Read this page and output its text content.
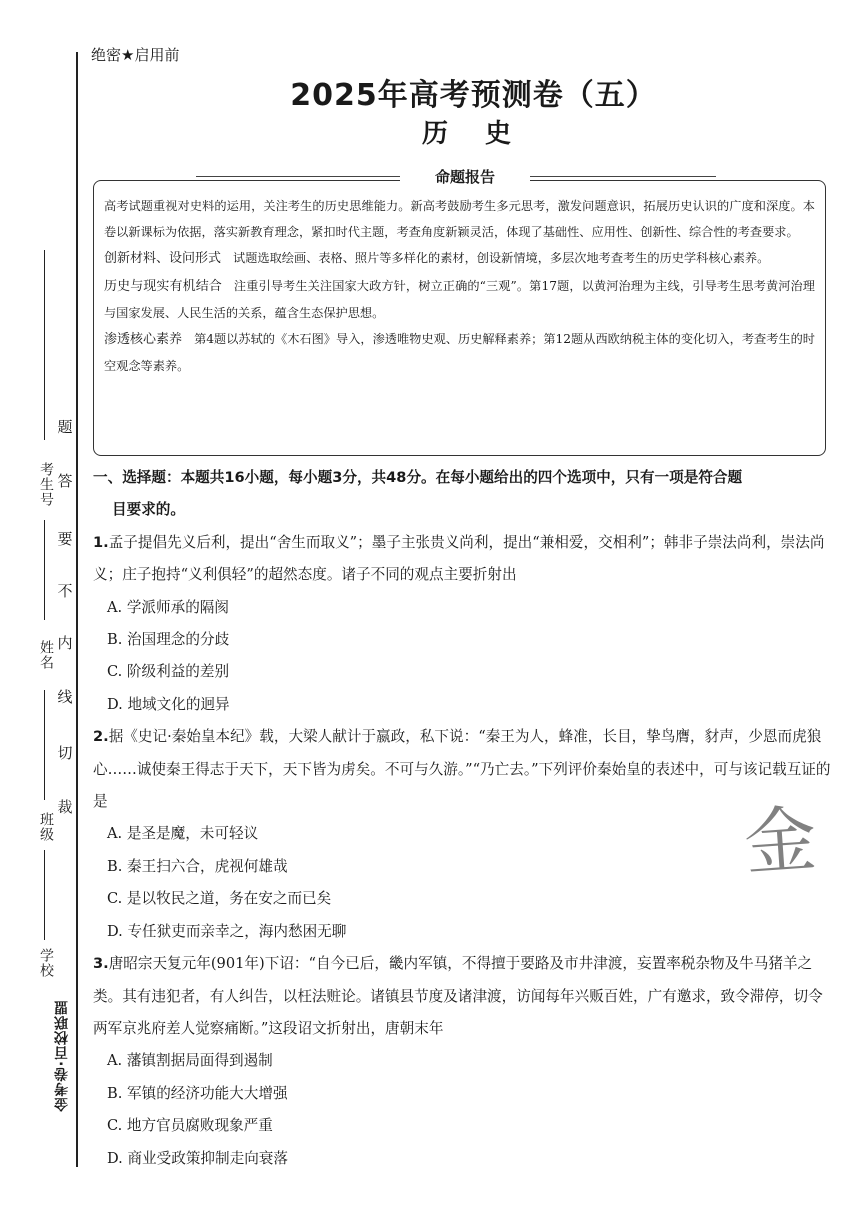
考生号
姓名
班级
学校
题
答
要
不
内
线
切
裁
金考卷·百校联盟
绝密★启用前
2025年高考预测卷（五）
历 史
命题报告

高考试题重视对史料的运用，关注考生的历史思维能力。新高考鼓励考生多元思考，激发问题意识，拓展历史认识的广度和深度。本卷以新课标为依据，落实新教育理念，紧扣时代主题，考查角度新颖灵活，体现了基础性、应用性、创新性、综合性的考查要求。

创新材料、设问形式 试题选取绘画、表格、照片等多样化的素材，创设新情境，多层次地考查考生的历史学科核心素养。

历史与现实有机结合 注重引导考生关注国家大政方针，树立正确的“三观”。第17题，以黄河治理为主线，引导考生思考黄河治理与国家发展、人民生活的关系，蕴含生态保护思想。

渗透核心素养 第4题以苏轼的《木石图》导入，渗透唯物史观、历史解释素养；第12题从西欧纳税主体的变化切入，考查考生的时空观念等素养。

一、选择题：本题共16小题，每小题3分，共48分。在每小题给出的四个选项中，只有一项是符合题

目要求的。

1.孟子提倡先义后利，提出“舍生而取义”；墨子主张贵义尚利，提出“兼相爱，交相利”；韩非子崇法尚利，崇法尚义；庄子抱持“义利俱轻”的超然态度。诸子不同的观点主要折射出

A. 学派师承的隔阂

B. 治国理念的分歧

C. 阶级利益的差别

D. 地域文化的迥异

2.据《史记·秦始皇本纪》载，大梁人献计于嬴政，私下说：“秦王为人，蜂准，长目，挚鸟膺，豺声，少恩而虎狼心……诚使秦王得志于天下，天下皆为虏矣。不可与久游。”“乃亡去。”下列评价秦始皇的表述中，可与该记载互证的是

A. 是圣是魔，未可轻议

B. 秦王扫六合，虎视何雄哉

C. 是以牧民之道，务在安之而已矣

D. 专任狱吏而亲幸之，海内愁困无聊

3.唐昭宗天复元年(901年)下诏：“自今已后，畿内军镇，不得擅于要路及市井津渡，妄置率税杂物及牛马猪羊之类。其有违犯者，有人纠告，以枉法赃论。诸镇县节度及诸津渡，访闻每年兴贩百姓，广有邀求，致令滞停，切令两军京兆府差人觉察痛断。”这段诏文折射出，唐朝末年

A. 藩镇割据局面得到遏制

B. 军镇的经济功能大大增强

C. 地方官员腐败现象严重

D. 商业受政策抑制走向衰落

金
